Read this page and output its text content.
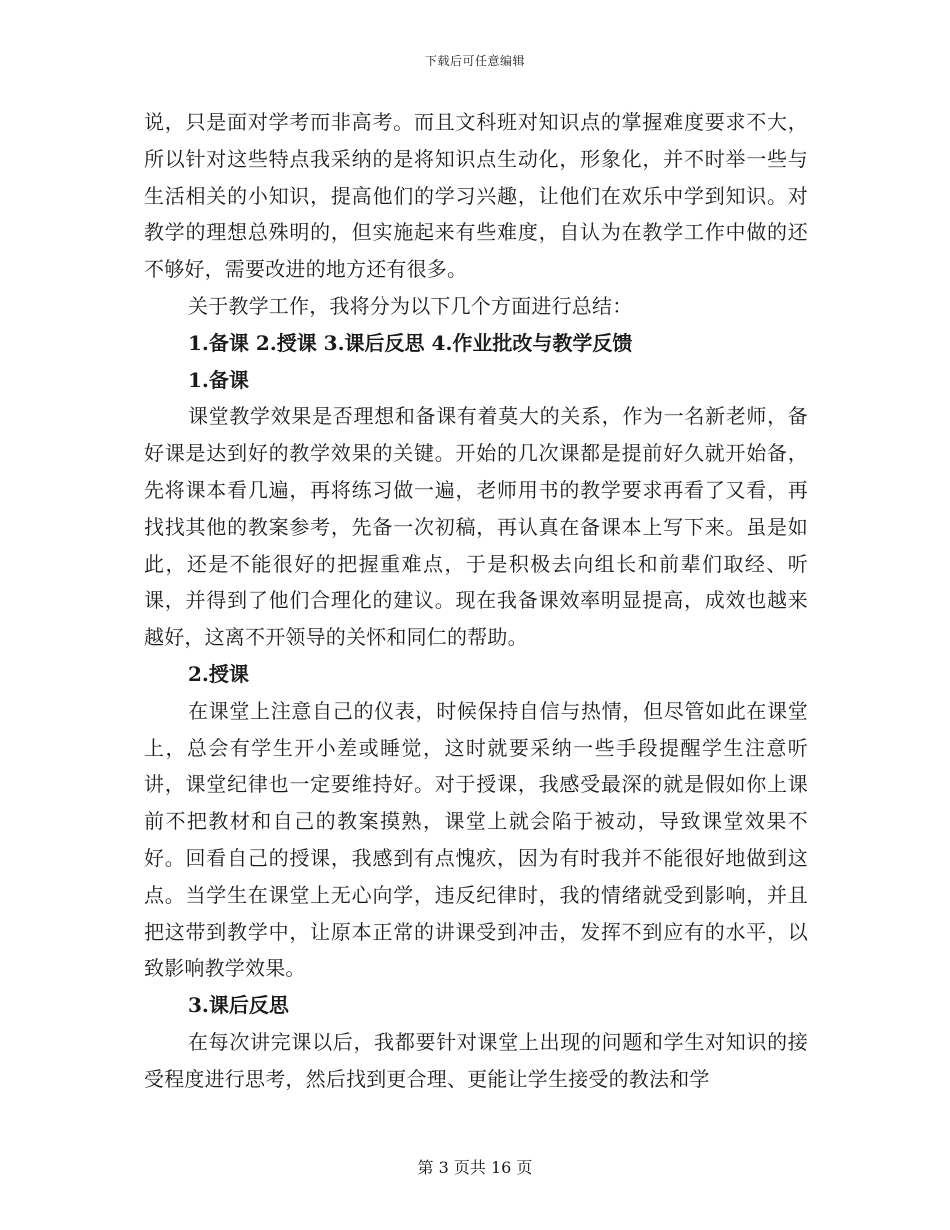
下载后可任意编辑

说，只是面对学考而非高考。而且文科班对知识点的掌握难度要求不大，所以针对这些特点我采纳的是将知识点生动化，形象化，并不时举一些与生活相关的小知识，提高他们的学习兴趣，让他们在欢乐中学到知识。对教学的理想总殊明的，但实施起来有些难度，自认为在教学工作中做的还不够好，需要改进的地方还有很多。

关于教学工作，我将分为以下几个方面进行总结：

1.备课 2.授课 3.课后反思 4.作业批改与教学反馈

1.备课

课堂教学效果是否理想和备课有着莫大的关系，作为一名新老师，备好课是达到好的教学效果的关键。开始的几次课都是提前好久就开始备，先将课本看几遍，再将练习做一遍，老师用书的教学要求再看了又看，再找找其他的教案参考，先备一次初稿，再认真在备课本上写下来。虽是如此，还是不能很好的把握重难点，于是积极去向组长和前辈们取经、听课，并得到了他们合理化的建议。现在我备课效率明显提高，成效也越来越好，这离不开领导的关怀和同仁的帮助。

2.授课

在课堂上注意自己的仪表，时候保持自信与热情，但尽管如此在课堂上，总会有学生开小差或睡觉，这时就要采纳一些手段提醒学生注意听讲，课堂纪律也一定要维持好。对于授课，我感受最深的就是假如你上课前不把教材和自己的教案摸熟，课堂上就会陷于被动，导致课堂效果不好。回看自己的授课，我感到有点愧疚，因为有时我并不能很好地做到这点。当学生在课堂上无心向学，违反纪律时，我的情绪就受到影响，并且把这带到教学中，让原本正常的讲课受到冲击，发挥不到应有的水平，以致影响教学效果。

3.课后反思

在每次讲完课以后，我都要针对课堂上出现的问题和学生对知识的接受程度进行思考，然后找到更合理、更能让学生接受的教法和学

第 3 页共 16 页
